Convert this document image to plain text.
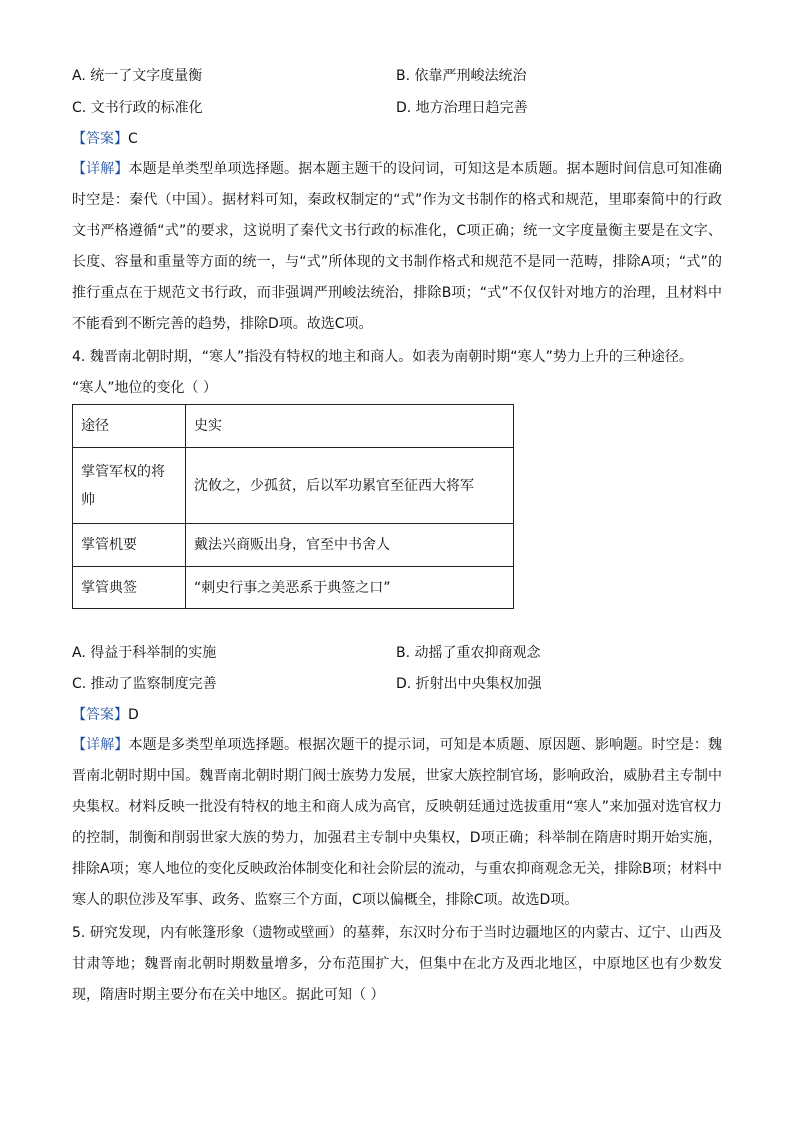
A. 统一了文字度量衡	B. 依靠严刑峻法统治
C. 文书行政的标准化	D. 地方治理日趋完善
【答案】C

【详解】本题是单类型单项选择题。据本题主题干的设问词，可知这是本质题。据本题时间信息可知准确时空是：秦代（中国）。据材料可知，秦政权制定的“式”作为文书制作的格式和规范，里耶秦简中的行政文书严格遵循“式”的要求，这说明了秦代文书行政的标准化，C项正确；统一文字度量衡主要是在文字、长度、容量和重量等方面的统一，与“式”所体现的文书制作格式和规范不是同一范畴，排除A项；“式”的推行重点在于规范文书行政，而非强调严刑峻法统治，排除B项；“式”不仅仅针对地方的治理，且材料中不能看到不断完善的趋势，排除D项。故选C项。

4. 魏晋南北朝时期，“寒人”指没有特权的地主和商人。如表为南朝时期“寒人”势力上升的三种途径。
“寒人”地位的变化（ ）

途径	史实
掌管军权的将帅	沈攸之，少孤贫，后以军功累官至征西大将军
掌管机要	戴法兴商贩出身，官至中书舍人
掌管典签	“刺史行事之美恶系于典签之口”
A. 得益于科举制的实施	B. 动摇了重农抑商观念
C. 推动了监察制度完善	D. 折射出中央集权加强
【答案】D

【详解】本题是多类型单项选择题。根据次题干的提示词，可知是本质题、原因题、影响题。时空是：魏晋南北朝时期中国。魏晋南北朝时期门阀士族势力发展，世家大族控制官场，影响政治，威胁君主专制中央集权。材料反映一批没有特权的地主和商人成为高官，反映朝廷通过选拔重用“寒人”来加强对选官权力的控制，制衡和削弱世家大族的势力，加强君主专制中央集权，D项正确；科举制在隋唐时期开始实施，排除A项；寒人地位的变化反映政治体制变化和社会阶层的流动，与重农抑商观念无关，排除B项；材料中寒人的职位涉及军事、政务、监察三个方面，C项以偏概全，排除C项。故选D项。

5. 研究发现，内有帐篷形象（遗物或壁画）的墓葬，东汉时分布于当时边疆地区的内蒙古、辽宁、山西及甘肃等地；魏晋南北朝时期数量增多，分布范围扩大，但集中在北方及西北地区，中原地区也有少数发现，隋唐时期主要分布在关中地区。据此可知（ ）
